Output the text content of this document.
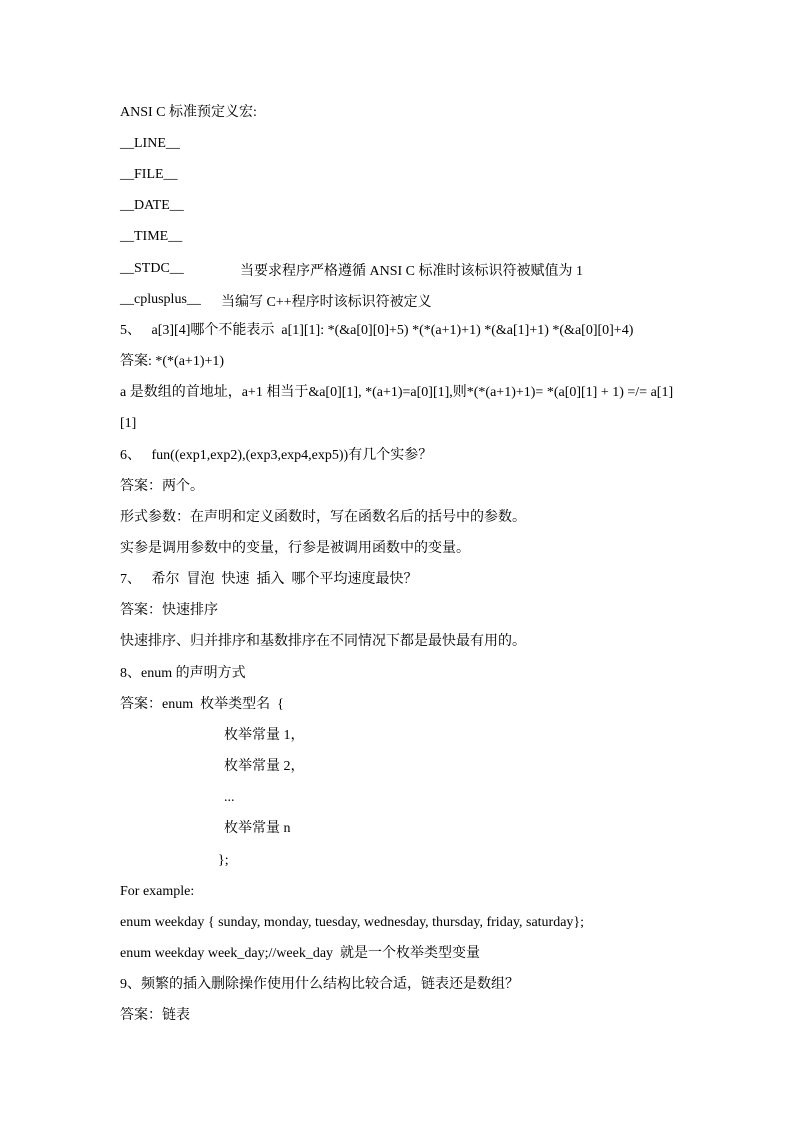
ANSI C 标准预定义宏:
__LINE__
__FILE__
__DATE__
__TIME__
__STDC__	当要求程序严格遵循 ANSI C 标准时该标识符被赋值为 1
__cplusplus__ 当编写 C++程序时该标识符被定义
5、   a[3][4]哪个不能表示  a[1][1]: *(&a[0][0]+5) *(*(a+1)+1) *(&a[1]+1) *(&a[0][0]+4)
答案: *(*(a+1)+1)
a 是数组的首地址，a+1 相当于&a[0][1], *(a+1)=a[0][1],则*(*(a+1)+1)= *(a[0][1] + 1) =/= a[1]
[1]
6、   fun((exp1,exp2),(exp3,exp4,exp5))有几个实参？
答案：两个。
形式参数：在声明和定义函数时，写在函数名后的括号中的参数。
实参是调用参数中的变量，行参是被调用函数中的变量。
7、   希尔  冒泡  快速  插入  哪个平均速度最快？
答案：快速排序
快速排序、归并排序和基数排序在不同情况下都是最快最有用的。
8、enum 的声明方式
答案：enum  枚举类型名  {
枚举常量 1，
枚举常量 2，
...
枚举常量 n
};
For example:
enum weekday { sunday, monday, tuesday, wednesday, thursday, friday, saturday};
enum weekday week_day;//week_day  就是一个枚举类型变量
9、频繁的插入删除操作使用什么结构比较合适，链表还是数组？
答案：链表
